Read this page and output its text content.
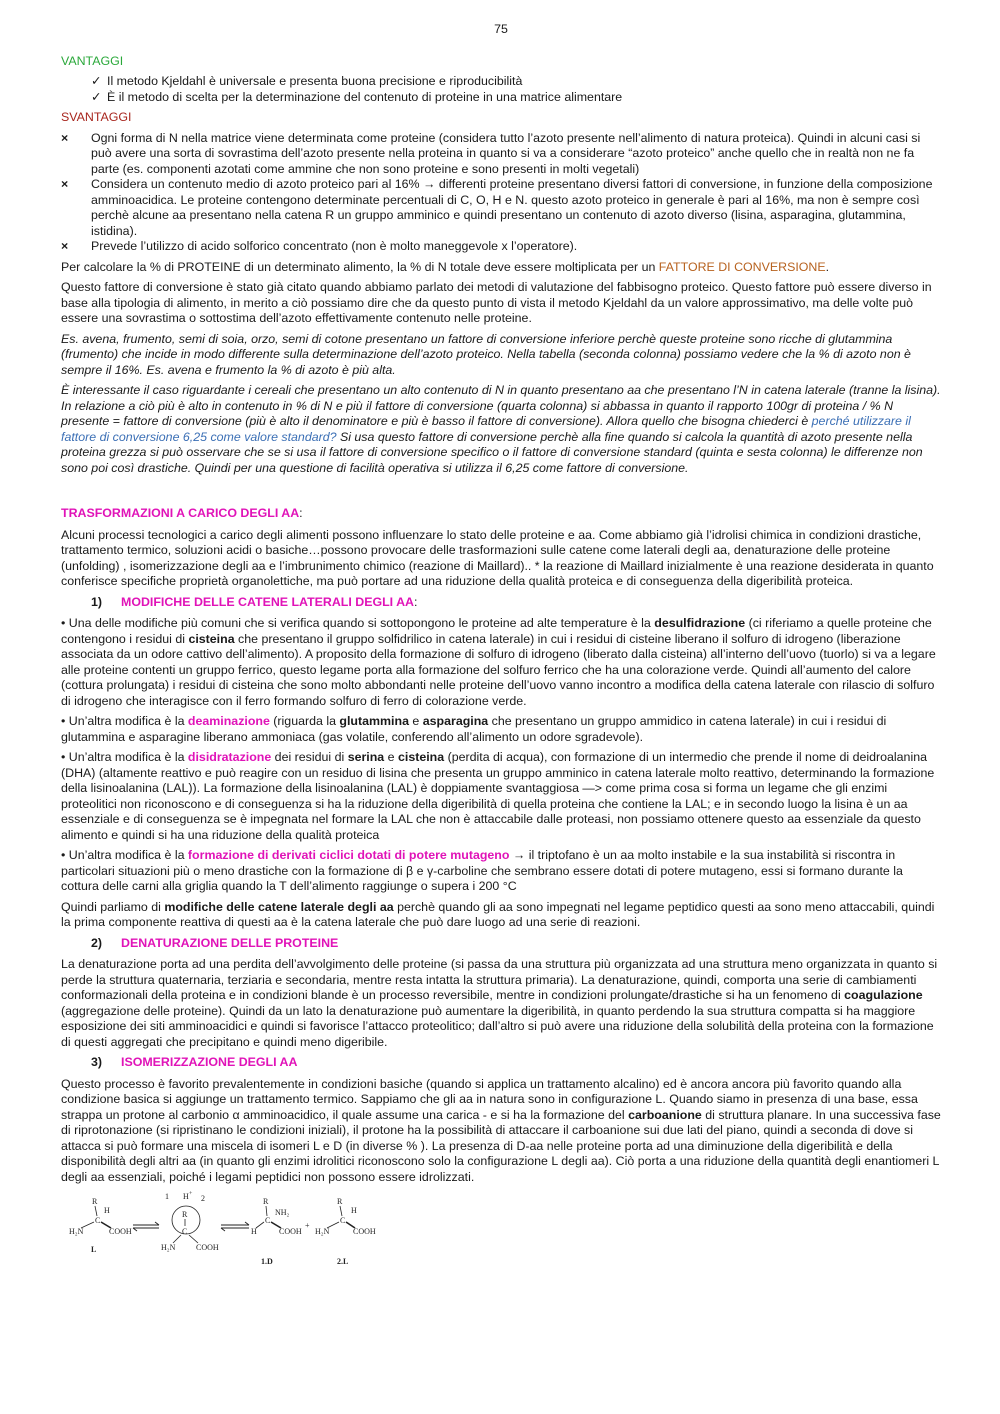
75

VANTAGGI

✓ Il metodo Kjeldahl è universale e presenta buona precisione e riproducibilità
✓ È il metodo di scelta per la determinazione del contenuto di proteine in una matrice alimentare

SVANTAGGI

× Ogni forma di N nella matrice viene determinata come proteine (considera tutto l’azoto presente nell’alimento di natura proteica). Quindi in alcuni casi si può avere una sorta di sovrastima dell’azoto presente nella proteina in quanto si va a considerare “azoto proteico” anche quello che in realtà non ne fa parte (es. componenti azotati come ammine che non sono proteine e sono presenti in molti vegetali)
× Considera un contenuto medio di azoto proteico pari al 16% → differenti proteine presentano diversi fattori di conversione, in funzione della composizione amminoacidica. Le proteine contengono determinate percentuali di C, O, H e N. questo azoto proteico in generale è pari al 16%, ma non è sempre così perchè alcune aa presentano nella catena R un gruppo amminico e quindi presentano un contenuto di azoto diverso (lisina, asparagina, glutammina, istidina).
× Prevede l’utilizzo di acido solforico concentrato (non è molto maneggevole x l’operatore).

Per calcolare la % di PROTEINE di un determinato alimento, la % di N totale deve essere moltiplicata per un FATTORE DI CONVERSIONE.

Questo fattore di conversione è stato già citato quando abbiamo parlato dei metodi di valutazione del fabbisogno proteico. Questo fattore può essere diverso in base alla tipologia di alimento, in merito a ciò possiamo dire che da questo punto di vista il metodo Kjeldahl da un valore approssimativo, ma delle volte può essere una sovrastima o sottostima dell’azoto effettivamente contenuto nelle proteine.

Es. avena, frumento, semi di soia, orzo, semi di cotone presentano un fattore di conversione inferiore perchè queste proteine sono ricche di glutammina (frumento) che incide in modo differente sulla determinazione dell’azoto proteico. Nella tabella (seconda colonna) possiamo vedere che la % di azoto non è sempre il 16%. Es. avena e frumento la % di azoto è più alta.

È interessante il caso riguardante i cereali che presentano un alto contenuto di N in quanto presentano aa che presentano l’N in catena laterale (tranne la lisina). In relazione a ciò più è alto in contenuto in % di N e più il fattore di conversione (quarta colonna) si abbassa in quanto il rapporto 100gr di proteina / % N presente = fattore di conversione (più è alto il denominatore e più è basso il fattore di conversione). Allora quello che bisogna chiederci è perché utilizzare il fattore di conversione 6,25 come valore standard? Si usa questo fattore di conversione perchè alla fine quando si calcola la quantità di azoto presente nella proteina grezza si può osservare che se si usa il fattore di conversione specifico o il fattore di conversione standard (quinta e sesta colonna) le differenze non sono poi così drastiche. Quindi per una questione di facilità operativa si utilizza il 6,25 come fattore di conversione.

TRASFORMAZIONI A CARICO DEGLI AA:

Alcuni processi tecnologici a carico degli alimenti possono influenzare lo stato delle proteine e aa. Come abbiamo già l’idrolisi chimica in condizioni drastiche, trattamento termico, soluzioni acidi o basiche…possono provocare delle trasformazioni sulle catene come laterali degli aa, denaturazione delle proteine (unfolding) , isomerizzazione degli aa e l’imbrunimento chimico (reazione di Maillard).. * la reazione di Maillard inizialmente è una reazione desiderata in quanto conferisce specifiche proprietà organolettiche, ma può portare ad una riduzione della qualità proteica e di conseguenza della digeribilità proteica.

1) MODIFICHE DELLE CATENE LATERALI DEGLI AA:

• Una delle modifiche più comuni che si verifica quando si sottopongono le proteine ad alte temperature è la desulfidrazione (ci riferiamo a quelle proteine che contengono i residui di cisteina che presentano il gruppo solfidrilico in catena laterale) in cui i residui di cisteine liberano il solfuro di idrogeno (liberazione associata da un odore cattivo dell’alimento). A proposito della formazione di solfuro di idrogeno (liberato dalla cisteina) all’interno dell’uovo (tuorlo) si va a legare alle proteine contenti un gruppo ferrico, questo legame porta alla formazione del solfuro ferrico che ha una colorazione verde. Quindi all’aumento del calore (cottura prolungata) i residui di cisteina che sono molto abbondanti nelle proteine dell’uovo vanno incontro a modifica della catena laterale con rilascio di solfuro di idrogeno che interagisce con il ferro formando solfuro di ferro di colorazione verde.

• Un’altra modifica è la deaminazione (riguarda la glutammina e asparagina che presentano un gruppo ammidico in catena laterale) in cui i residui di glutammina e asparagine liberano ammoniaca (gas volatile, conferendo all’alimento un odore sgradevole).

• Un’altra modifica è la disidratazione dei residui di serina e cisteina (perdita di acqua), con formazione di un intermedio che prende il nome di deidroalanina (DHA) (altamente reattivo e può reagire con un residuo di lisina che presenta un gruppo amminico in catena laterale molto reattivo, determinando la formazione della lisinoalanina (LAL)). La formazione della lisinoalanina (LAL) è doppiamente svantaggiosa —> come prima cosa si forma un legame che gli enzimi proteolitici non riconoscono e di conseguenza si ha la riduzione della digeribilità di quella proteina che contiene la LAL; e in secondo luogo la lisina è un aa essenziale e di conseguenza se è impegnata nel formare la LAL che non è attaccabile dalle proteasi, non possiamo ottenere questo aa essenziale da questo alimento e quindi si ha una riduzione della qualità proteica

• Un’altra modifica è la formazione di derivati ciclici dotati di potere mutageno → il triptofano è un aa molto instabile e la sua instabilità si riscontra in particolari situazioni più o meno drastiche con la formazione di β e γ-carboline che sembrano essere dotati di potere mutageno, essi si formano durante la cottura delle carni alla griglia quando la T dell’alimento raggiunge o supera i 200 °C

Quindi parliamo di modifiche delle catene laterale degli aa perchè quando gli aa sono impegnati nel legame peptidico questi aa sono meno attaccabili, quindi la prima componente reattiva di questi aa è la catena laterale che può dare luogo ad una serie di reazioni.

2) DENATURAZIONE DELLE PROTEINE

La denaturazione porta ad una perdita dell’avvolgimento delle proteine (si passa da una struttura più organizzata ad una struttura meno organizzata in quanto si perde la struttura quaternaria, terziaria e secondaria, mentre resta intatta la struttura primaria). La denaturazione, quindi, comporta una serie di cambiamenti conformazionali della proteina e in condizioni blande è un processo reversibile, mentre in condizioni prolungate/drastiche si ha un fenomeno di coagulazione (aggregazione delle proteine). Quindi da un lato la denaturazione può aumentare la digeribilità, in quanto perdendo la sua struttura compatta si ha maggiore esposizione dei siti amminoacidici e quindi si favorisce l’attacco proteolitico; dall’altro si può avere una riduzione della solubilità della proteina con la formazione di questi aggregati che precipitano e quindi meno digeribile.

3) ISOMERIZZAZIONE DEGLI AA

Questo processo è favorito prevalentemente in condizioni basiche (quando si applica un trattamento alcalino) ed è ancora ancora più favorito quando alla condizione basica si aggiunge un trattamento termico. Sappiamo che gli aa in natura sono in configurazione L. Quando siamo in presenza di una base, essa strappa un protone al carbonio α amminoacidico, il quale assume una carica - e si ha la formazione del carboanione di struttura planare. In una successiva fase di riprotonazione (si ripristinano le condizioni iniziali), il protone ha la possibilità di attaccare il carboanione sui due lati del piano, quindi a seconda di dove si attacca si può formare una miscela di isomeri L e D (in diverse % ). La presenza di D-aa nelle proteine porta ad una diminuzione della digeribilità e della disponibilità degli altri aa (in quanto gli enzimi idrolitici riconoscono solo la configurazione L degli aa). Ciò porta a una riduzione della quantità degli enantiomeri L degli aa essenziali, poiché i legami peptidici non possono essere idrolizzati.

R
H
C
H₂N	COOH
L
1 H + 2
R
C
H₂N	COOH
R
NH₂
C
H	COOH
1.D
+
R
H
C
H₂N	COOH
2.L
